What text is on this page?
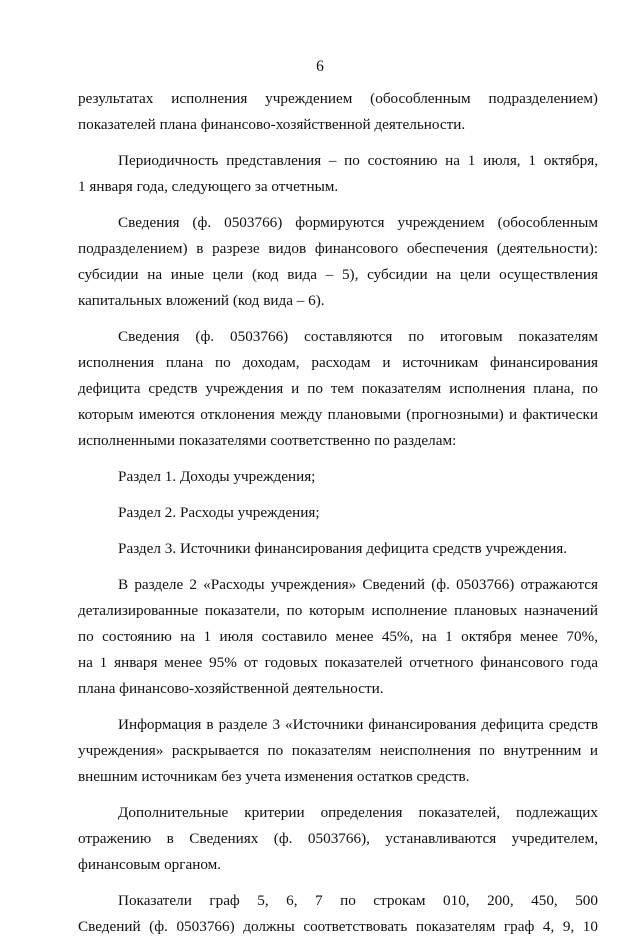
6

результатах исполнения учреждением (обособленным подразделением)
показателей плана финансово-хозяйственной деятельности.

Периодичность представления – по состоянию на 1 июля, 1 октября,
1 января года, следующего за отчетным.

Сведения (ф. 0503766) формируются учреждением (обособленным
подразделением) в разрезе видов финансового обеспечения (деятельности):
субсидии на иные цели (код вида – 5), субсидии на цели осуществления
капитальных вложений (код вида – 6).

Сведения (ф. 0503766) составляются по итоговым показателям
исполнения плана по доходам, расходам и источникам финансирования
дефицита средств учреждения и по тем показателям исполнения плана, по
которым имеются отклонения между плановыми (прогнозными) и фактически
исполненными показателями соответственно по разделам:

Раздел 1. Доходы учреждения;

Раздел 2. Расходы учреждения;

Раздел 3. Источники финансирования дефицита средств учреждения.

В разделе 2 «Расходы учреждения» Сведений (ф. 0503766) отражаются
детализированные показатели, по которым исполнение плановых назначений
по состоянию на 1 июля составило менее 45%, на 1 октября менее 70%,
на 1 января менее 95% от годовых показателей отчетного финансового года
плана финансово-хозяйственной деятельности.

Информация в разделе 3 «Источники финансирования дефицита средств
учреждения» раскрывается по показателям неисполнения по внутренним и
внешним источникам без учета изменения остатков средств.

Дополнительные критерии определения показателей, подлежащих
отражению в Сведениях (ф. 0503766), устанавливаются учредителем,
финансовым органом.

Показатели граф 5, 6, 7 по строкам 010, 200, 450, 500
Сведений (ф. 0503766) должны соответствовать показателям граф 4, 9, 10
